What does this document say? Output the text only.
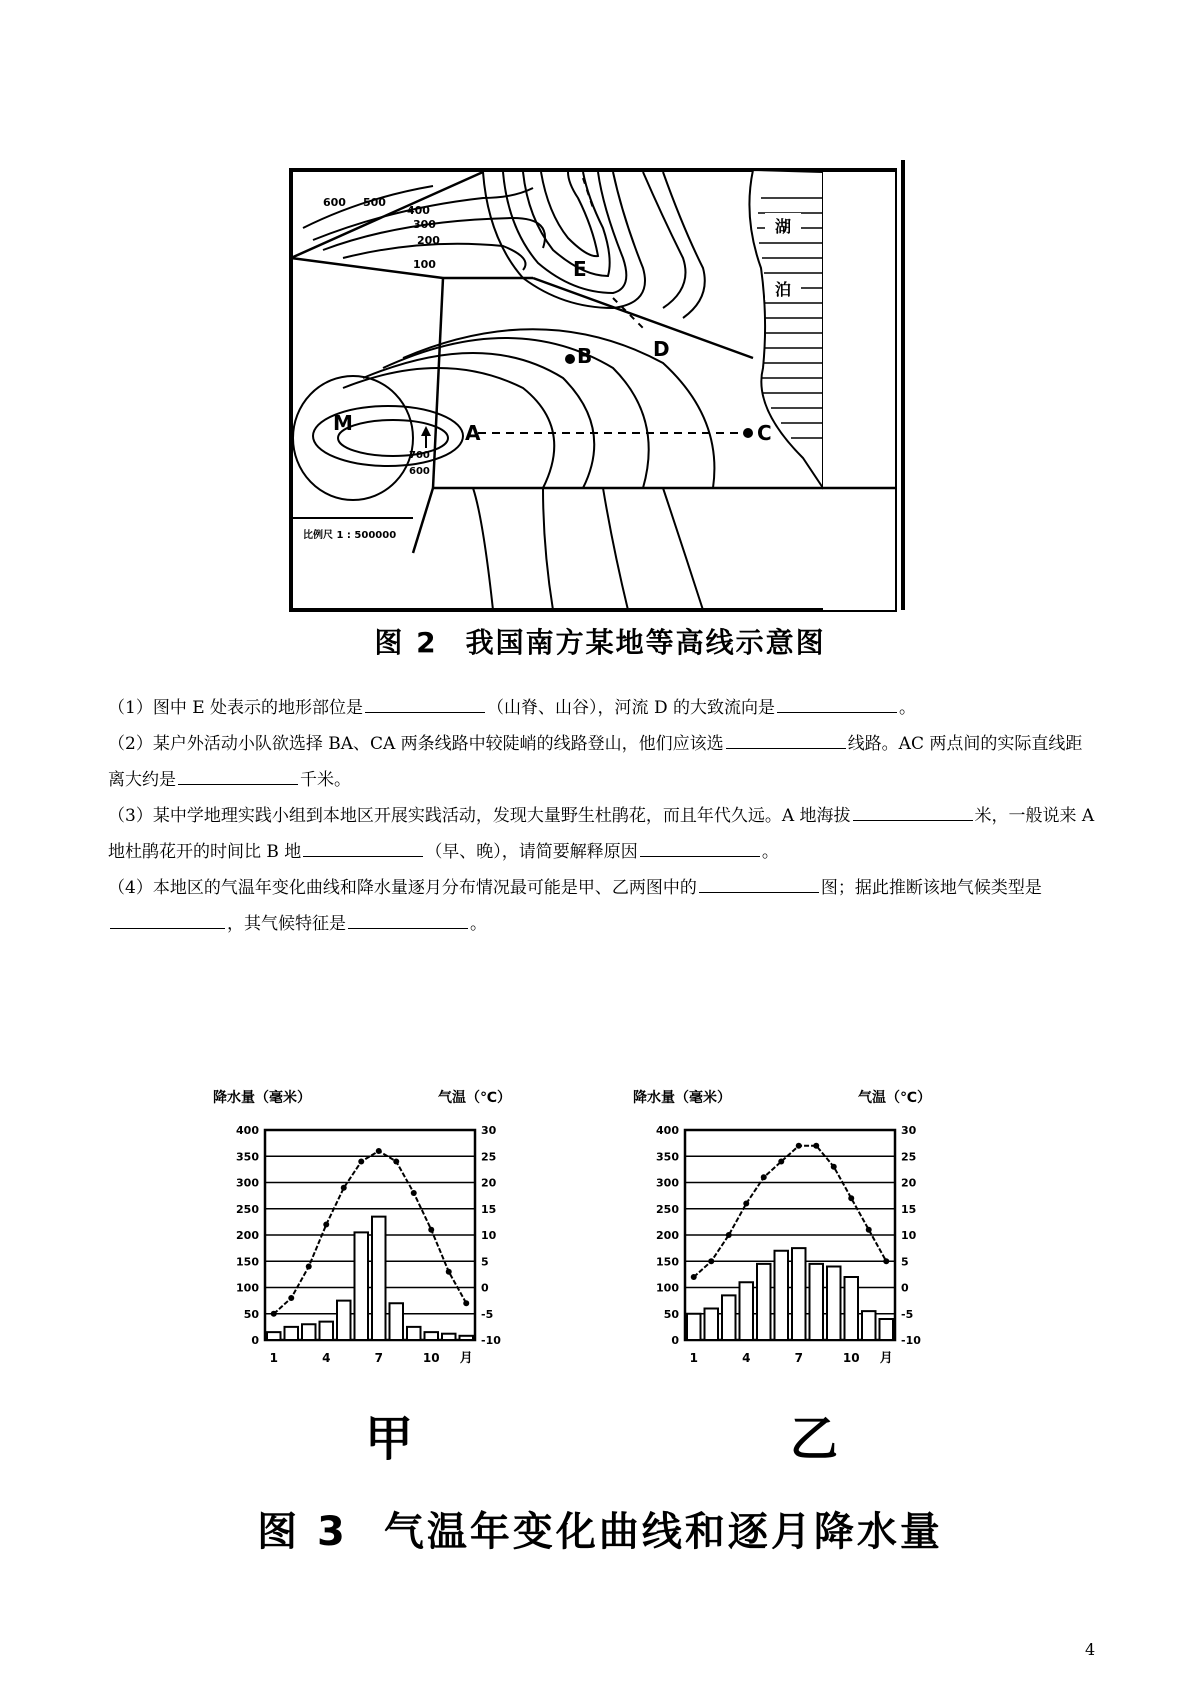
湖
泊
600 500
400
300
200
100	E
B	D
C
A
M
700
600
比例尺 1 : 500000
图 2 我国南方某地等高线示意图

（1）图中 E 处表示的地形部位是	（山脊、山谷），河流 D 的大致流向是	。

（2）某户外活动小队欲选择 BA、CA 两条线路中较陡峭的线路登山，他们应该选	线路。AC 两点间的实际直线距离大约是	千米。

（3）某中学地理实践小组到本地区开展实践活动，发现大量野生杜鹃花，而且年代久远。A 地海拔	米，一般说来 A 地杜鹃花开的时间比 B 地	（早、晚），请简要解释原因	。

（4）本地区的气温年变化曲线和降水量逐月分布情况最可能是甲、乙两图中的	图；据此推断该地气候类型是，其气候特征是	。

降水量（毫米）	气温（℃）
400	30
350	25
300	20
250	15
200	10
150	5
100	0
50	-5
0	-10
1	4	7	10 月
降水量（毫米）	气温（℃）
400	30
350	25
300	20
250	15
200	10
150	5
100	0
50	-5
0	-10
1	4	7	10 月
甲	乙
图 3 气温年变化曲线和逐月降水量
4
